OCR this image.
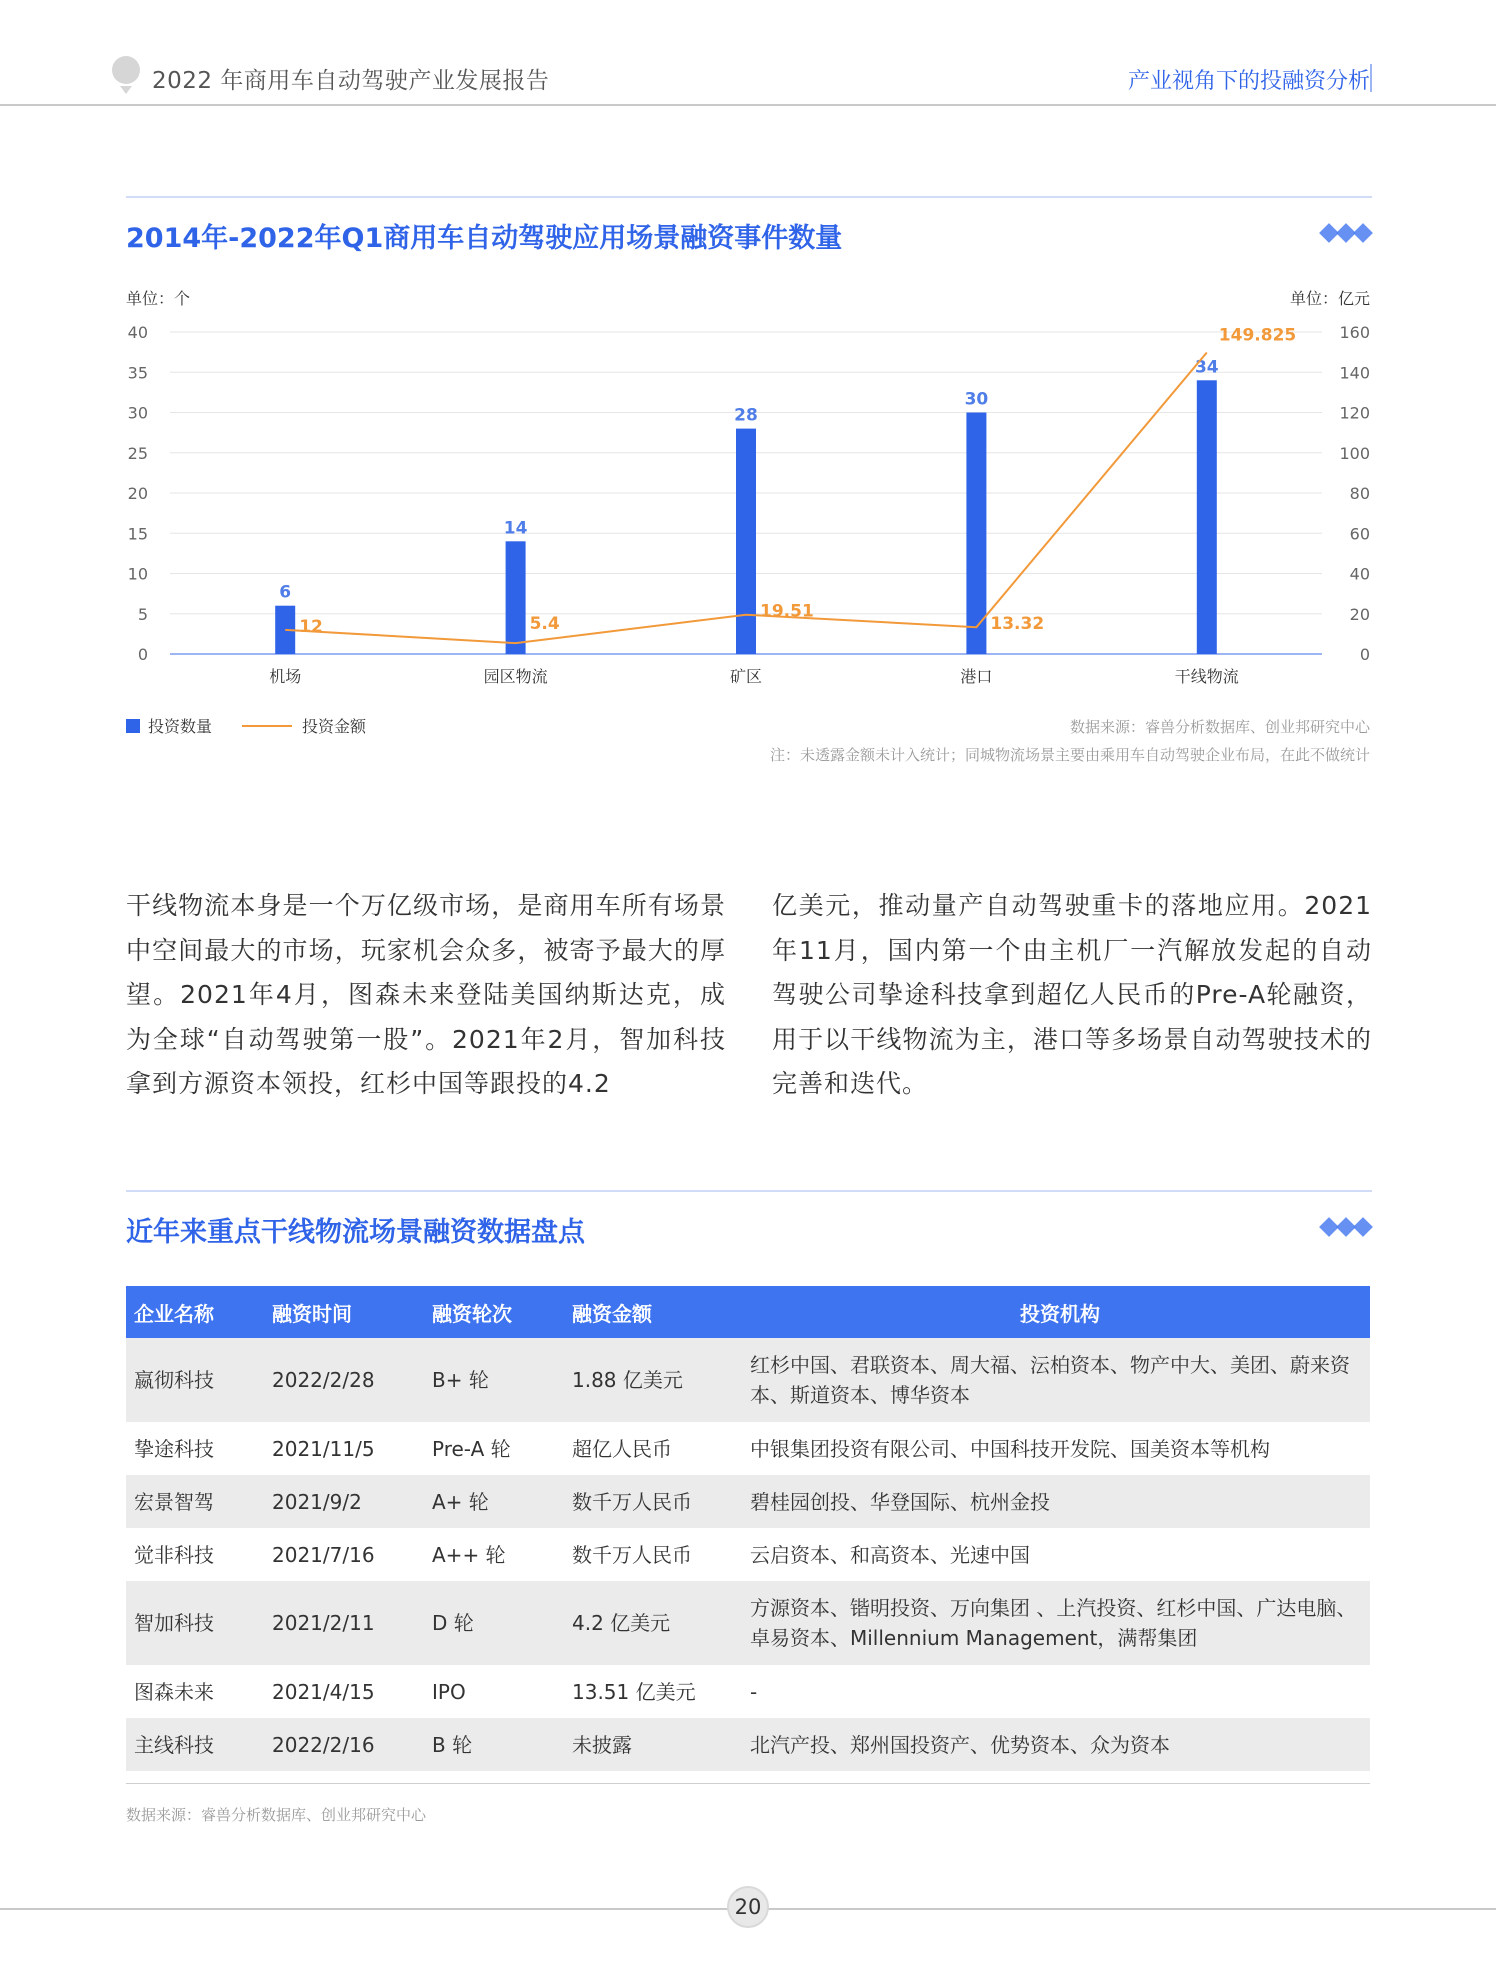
2022 年商用车自动驾驶产业发展报告	产业视角下的投融资分析
2014年-2022年Q1商用车自动驾驶应用场景融资事件数量
单位：个	单位：亿元
0	0
5	20
10	40
15	60
20	80
25	100
30	120
35	140
40	160
6
14
28
30
34
机场	园区物流	矿区	港口	干线物流
12	5.4
19.51
13.32
149.825
投资数量	投资金额	数据来源：睿兽分析数据库、创业邦研究中心
注：未透露金额未计入统计；同城物流场景主要由乘用车自动驾驶企业布局，在此不做统计
干线物流本身是一个万亿级市场，是商用车所有场景中空间最大的市场，玩家机会众多，被寄予最大的厚望。2021年4月，图森未来登陆美国纳斯达克，成为全球“自动驾驶第一股”。2021年2月，智加科技拿到方源资本领投，红杉中国等跟投的4.2
亿美元，推动量产自动驾驶重卡的落地应用。2021年11月，国内第一个由主机厂一汽解放发起的自动驾驶公司挚途科技拿到超亿人民币的Pre-A轮融资，用于以干线物流为主，港口等多场景自动驾驶技术的完善和迭代。
近年来重点干线物流场景融资数据盘点
企业名称	融资时间	融资轮次	融资金额	投资机构
嬴彻科技	2022/2/28	B+ 轮	1.88 亿美元	红杉中国、君联资本、周大福、沄柏资本、物产中大、美团、蔚来资本、斯道资本、博华资本
挚途科技	2021/11/5	Pre-A 轮	超亿人民币	中银集团投资有限公司、中国科技开发院、国美资本等机构
宏景智驾	2021/9/2	A+ 轮	数千万人民币	碧桂园创投、华登国际、杭州金投
觉非科技	2021/7/16	A++ 轮	数千万人民币	云启资本、和高资本、光速中国
智加科技	2021/2/11	D 轮	4.2 亿美元	方源资本、锴明投资、万向集团 、上汽投资、红杉中国、广达电脑、卓易资本、Millennium Management，满帮集团
图森未来	2021/4/15	IPO	13.51 亿美元	-
主线科技	2022/2/16	B 轮	未披露	北汽产投、郑州国投资产、优势资本、众为资本
数据来源：睿兽分析数据库、创业邦研究中心
20
